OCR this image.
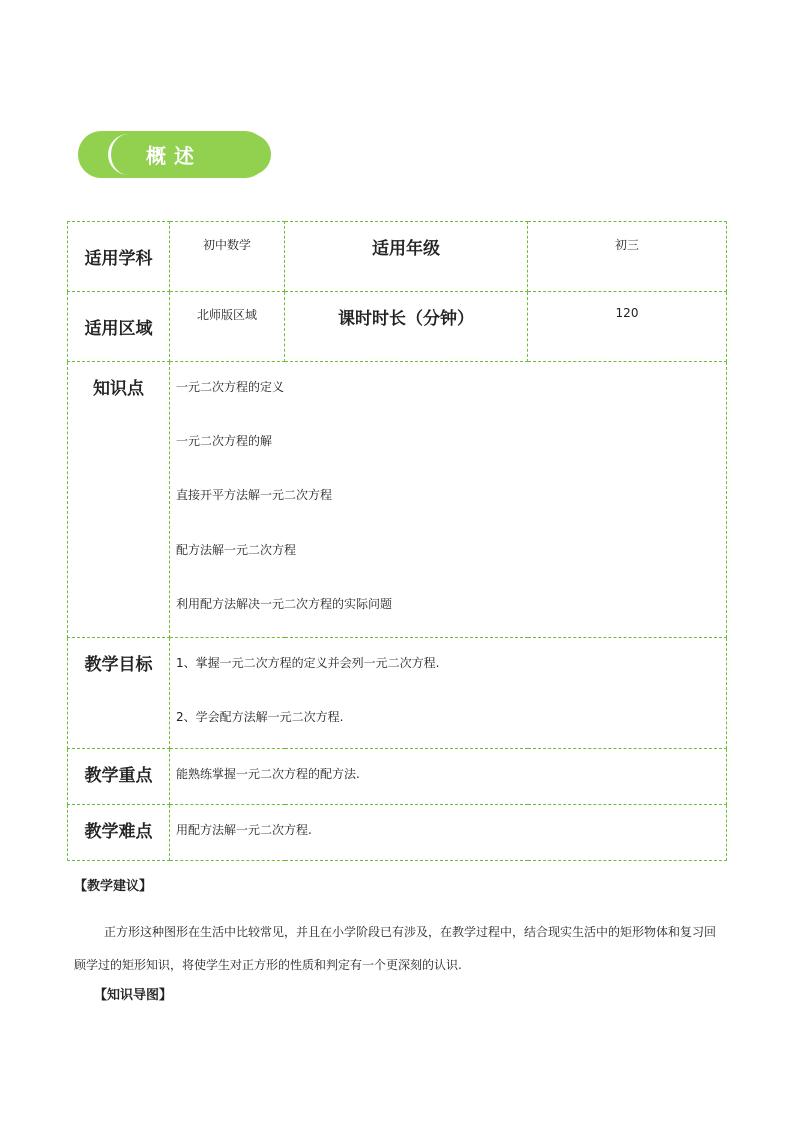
概述
适用学科	初中数学	适用年级	初三
适用区域	北师版区域	课时时长（分钟）	120
知识点	一元二次方程的定义

一元二次方程的解

直接开平方法解一元二次方程

配方法解一元二次方程

利用配方法解决一元二次方程的实际问题		

教学目标	1、掌握一元二次方程的定义并会列一元二次方程.

2、学会配方法解一元二次方程.		

教学重点	能熟练掌握一元二次方程的配方法.		
教学难点	用配方法解一元二次方程.		
【教学建议】
正方形这种图形在生活中比较常见，并且在小学阶段已有涉及，在教学过程中，结合现实生活中的矩形物体和复习回顾学过的矩形知识，将使学生对正方形的性质和判定有一个更深刻的认识.
【知识导图】
